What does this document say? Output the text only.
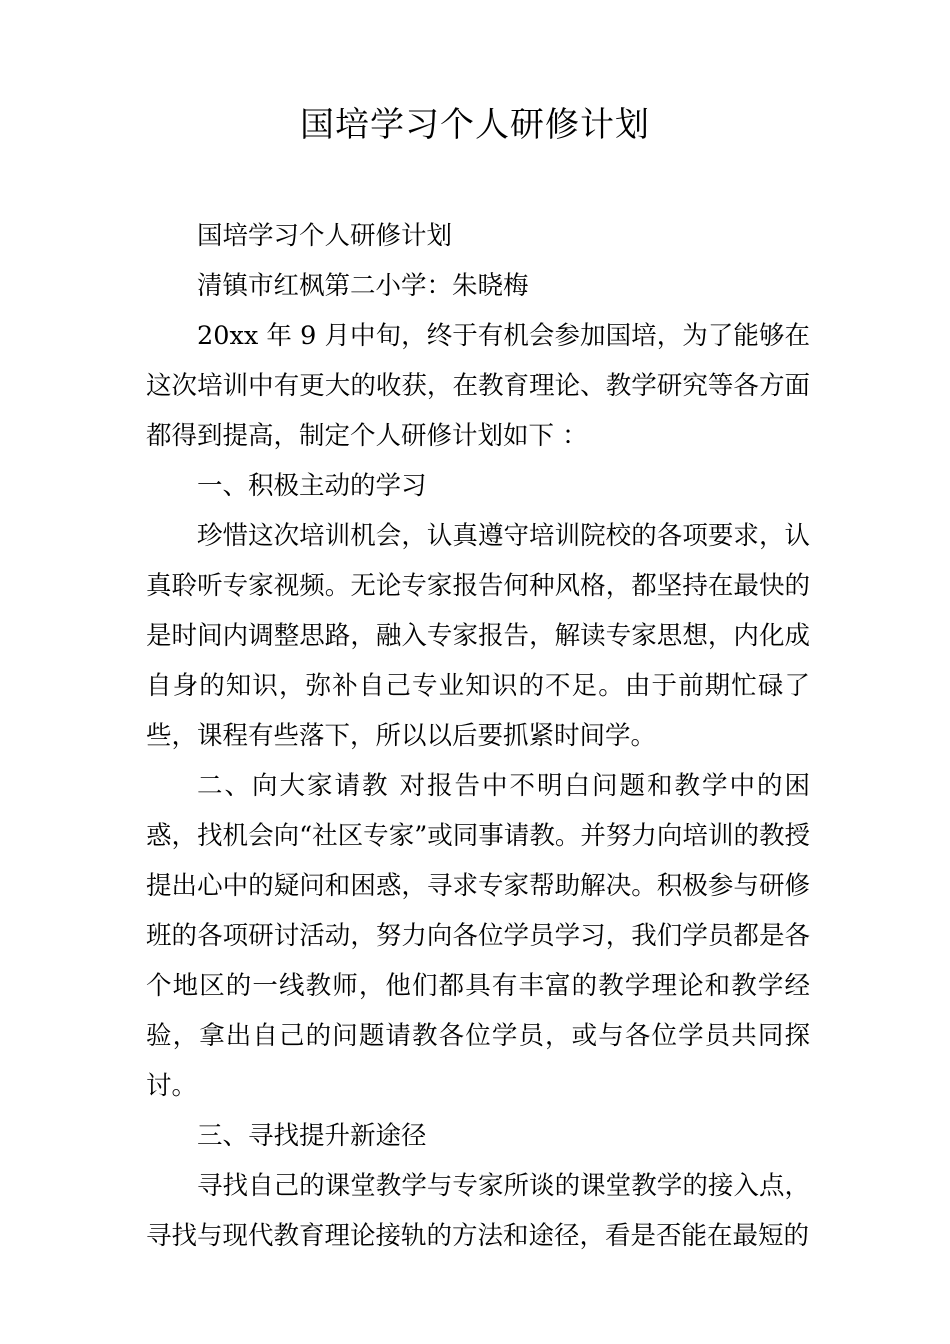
国培学习个人研修计划

国培学习个人研修计划

清镇市红枫第二小学：朱晓梅

20xx 年 9 月中旬，终于有机会参加国培，为了能够在这次培训中有更大的收获，在教育理论、教学研究等各方面都得到提高，制定个人研修计划如下 ：

一、积极主动的学习

珍惜这次培训机会，认真遵守培训院校的各项要求，认真聆听专家视频。无论专家报告何种风格，都坚持在最快的是时间内调整思路，融入专家报告，解读专家思想，内化成自身的知识，弥补自己专业知识的不足。由于前期忙碌了些，课程有些落下，所以以后要抓紧时间学。

二、向大家请教 对报告中不明白问题和教学中的困惑，找机会向“社区专家”或同事请教。并努力向培训的教授提出心中的疑问和困惑，寻求专家帮助解决。积极参与研修班的各项研讨活动，努力向各位学员学习，我们学员都是各个地区的一线教师，他们都具有丰富的教学理论和教学经验，拿出自己的问题请教各位学员，或与各位学员共同探讨。

三、寻找提升新途径

寻找自己的课堂教学与专家所谈的课堂教学的接入点，寻找与现代教育理论接轨的方法和途径，看是否能在最短的
